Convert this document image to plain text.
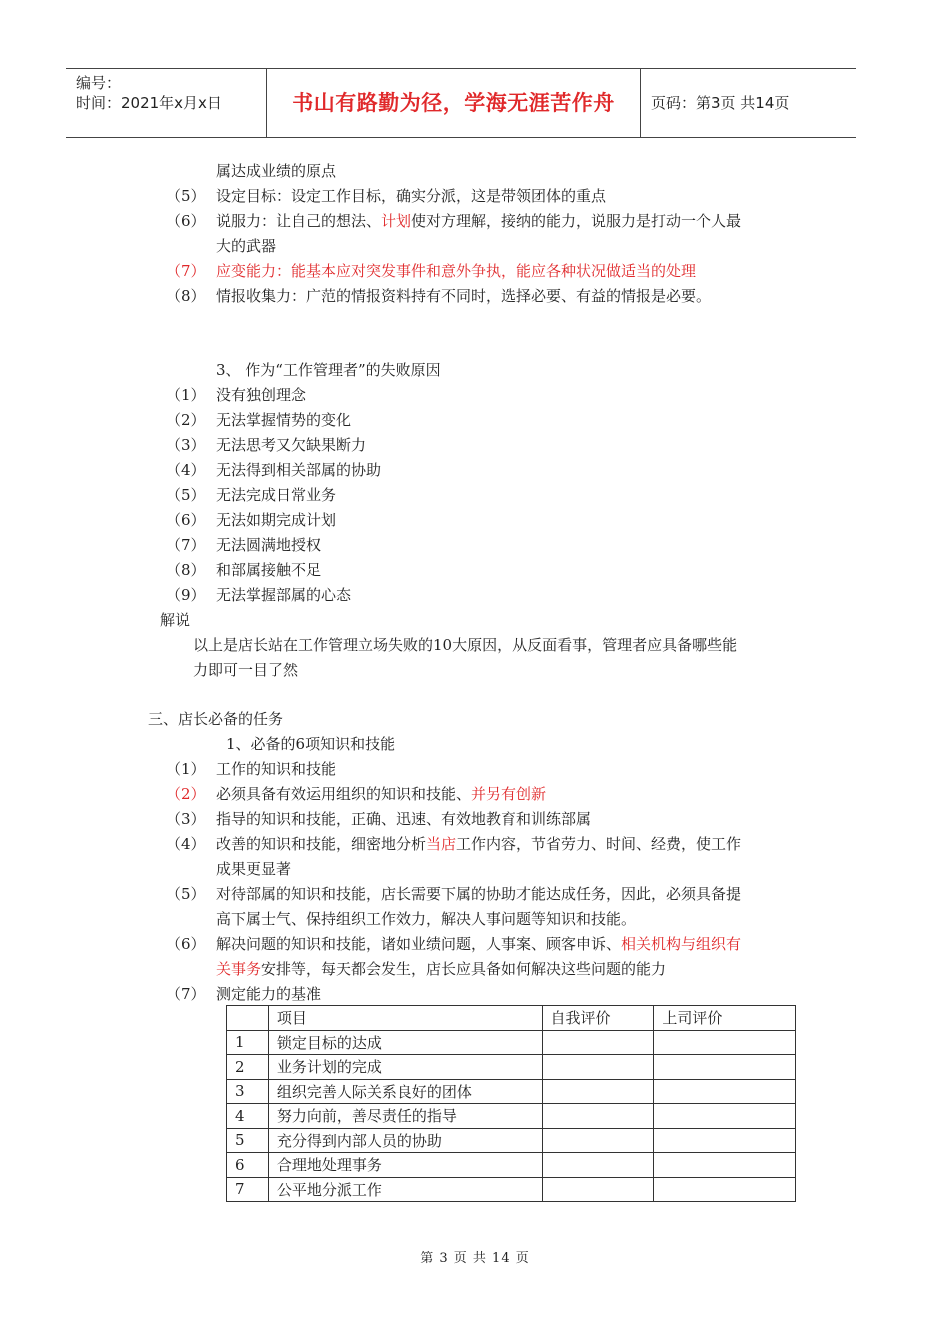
编号：
时间：2021年x月x日	书山有路勤为径，学海无涯苦作舟	页码：第3页 共14页
属达成业绩的原点
（5） 设定目标：设定工作目标，确实分派，这是带领团体的重点
（6） 说服力：让自己的想法、计划使对方理解，接纳的能力，说服力是打动一个人最
大的武器
（7） 应变能力：能基本应对突发事件和意外争执，能应各种状况做适当的处理
（8） 情报收集力：广范的情报资料持有不同时，选择必要、有益的情报是必要。
3、 作为“工作管理者”的失败原因
（1） 没有独创理念
（2） 无法掌握情势的变化
（3） 无法思考又欠缺果断力
（4） 无法得到相关部属的协助
（5） 无法完成日常业务
（6） 无法如期完成计划
（7） 无法圆满地授权
（8） 和部属接触不足
（9） 无法掌握部属的心态
解说
以上是店长站在工作管理立场失败的10大原因，从反面看事，管理者应具备哪些能
力即可一目了然
三、店长必备的任务
1、必备的6项知识和技能
（1） 工作的知识和技能
（2） 必须具备有效运用组织的知识和技能、并另有创新
（3） 指导的知识和技能，正确、迅速、有效地教育和训练部属
（4） 改善的知识和技能，细密地分析当店工作内容，节省劳力、时间、经费，使工作
成果更显著
（5） 对待部属的知识和技能，店长需要下属的协助才能达成任务，因此，必须具备提
高下属士气、保持组织工作效力，解决人事问题等知识和技能。
（6） 解决问题的知识和技能，诸如业绩问题，人事案、顾客申诉、相关机构与组织有
关事务安排等，每天都会发生，店长应具备如何解决这些问题的能力
（7） 测定能力的基准
	项目	自我评价	上司评价
1	锁定目标的达成		
2	业务计划的完成		
3	组织完善人际关系良好的团体		
4	努力向前，善尽责任的指导		
5	充分得到内部人员的协助		
6	合理地处理事务		
7	公平地分派工作		
第 3 页 共 14 页
